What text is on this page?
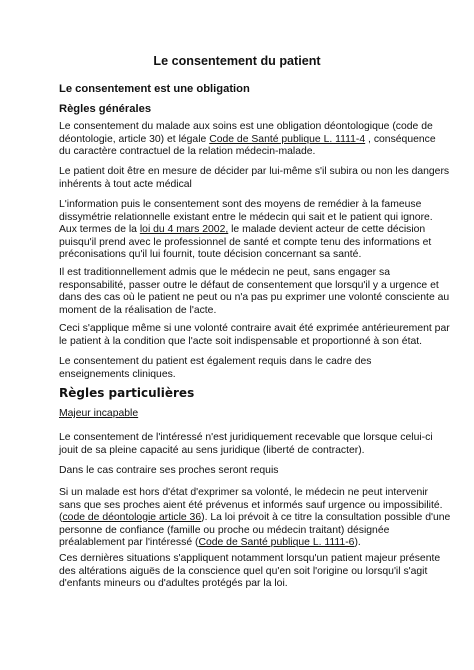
Le consentement du patient
Le consentement est une obligation
Règles générales
Le consentement du malade aux soins est une obligation déontologique (code de
déontologie, article 30) et légale Code de Santé publique L. 1111-4 , conséquence
du caractère contractuel de la relation médecin-malade.
Le patient doit être en mesure de décider par lui-même s'il subira ou non les dangers
inhérents à tout acte médical
L'information puis le consentement sont des moyens de remédier à la fameuse
dissymétrie relationnelle existant entre le médecin qui sait et le patient qui ignore.
Aux termes de la loi du 4 mars 2002, le malade devient acteur de cette décision
puisqu'il prend avec le professionnel de santé et compte tenu des informations et
préconisations qu'il lui fournit, toute décision concernant sa santé.
Il est traditionnellement admis que le médecin ne peut, sans engager sa
responsabilité, passer outre le défaut de consentement que lorsqu'il y a urgence et
dans des cas où le patient ne peut ou n'a pas pu exprimer une volonté consciente au
moment de la réalisation de l'acte.
Ceci s'applique même si une volonté contraire avait été exprimée antérieurement par
le patient à la condition que l'acte soit indispensable et proportionné à son état.
Le consentement du patient est également requis dans le cadre des
enseignements cliniques.
Règles particulières
Majeur incapable
Le consentement de l'intéressé n'est juridiquement recevable que lorsque celui-ci
jouit de sa pleine capacité au sens juridique (liberté de contracter).
Dans le cas contraire ses proches seront requis
Si un malade est hors d'état d'exprimer sa volonté, le médecin ne peut intervenir
sans que ses proches aient été prévenus et informés sauf urgence ou impossibilité.
(code de déontologie article 36). La loi prévoit à ce titre la consultation possible d'une
personne de confiance (famille ou proche ou médecin traitant) désignée
préalablement par l'intéressé (Code de Santé publique L. 1111-6).
Ces dernières situations s'appliquent notamment lorsqu'un patient majeur présente
des altérations aiguës de la conscience quel qu'en soit l'origine ou lorsqu'il s'agit
d'enfants mineurs ou d'adultes protégés par la loi.
